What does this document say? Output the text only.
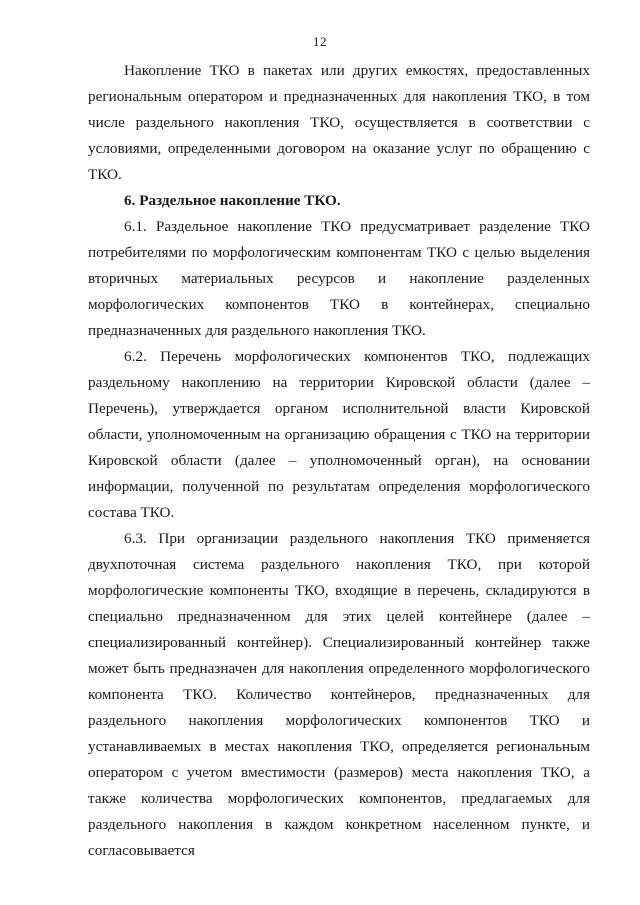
12

Накопление ТКО в пакетах или других емкостях, предоставленных региональным оператором и предназначенных для накопления ТКО, в том числе раздельного накопления ТКО, осуществляется в соответствии с условиями, определенными договором на оказание услуг по обращению с ТКО.

6. Раздельное накопление ТКО.

6.1. Раздельное накопление ТКО предусматривает разделение ТКО потребителями по морфологическим компонентам ТКО с целью выделения вторичных материальных ресурсов и накопление разделенных морфологических компонентов ТКО в контейнерах, специально предназначенных для раздельного накопления ТКО.

6.2. Перечень морфологических компонентов ТКО, подлежащих раздельному накоплению на территории Кировской области (далее – Перечень), утверждается органом исполнительной власти Кировской области, уполномоченным на организацию обращения с ТКО на территории Кировской области (далее – уполномоченный орган), на основании информации, полученной по результатам определения морфологического состава ТКО.

6.3. При организации раздельного накопления ТКО применяется двухпоточная система раздельного накопления ТКО, при которой морфологические компоненты ТКО, входящие в перечень, складируются в специально предназначенном для этих целей контейнере (далее – специализированный контейнер). Специализированный контейнер также может быть предназначен для накопления определенного морфологического компонента ТКО. Количество контейнеров, предназначенных для раздельного накопления морфологических компонентов ТКО и устанавливаемых в местах накопления ТКО, определяется региональным оператором с учетом вместимости (размеров) места накопления ТКО, а также количества морфологических компонентов, предлагаемых для раздельного накопления в каждом конкретном населенном пункте, и согласовывается
